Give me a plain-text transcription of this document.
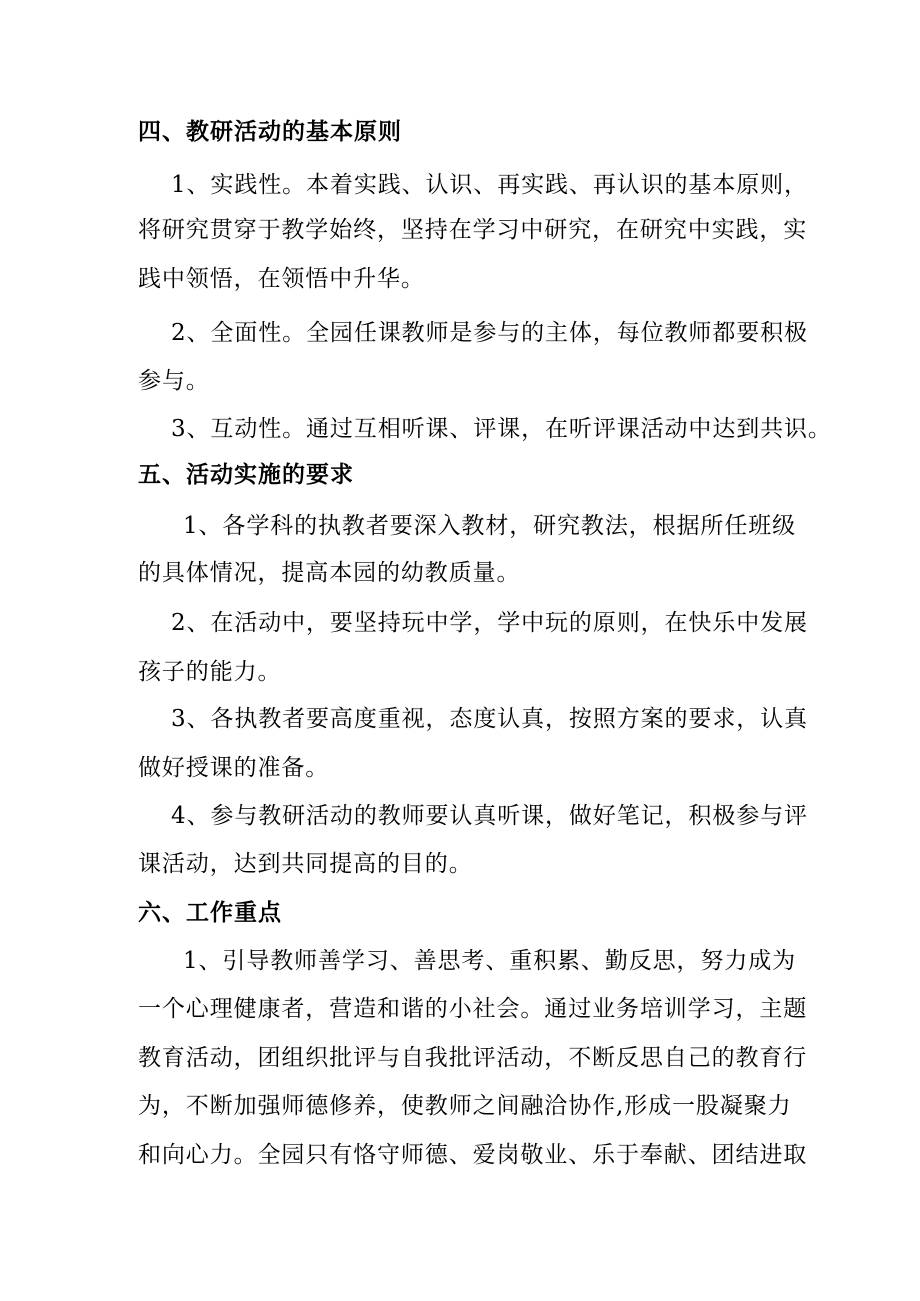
四、教研活动的基本原则
1、实践性。本着实践、认识、再实践、再认识的基本原则，
将研究贯穿于教学始终，坚持在学习中研究，在研究中实践，实
践中领悟，在领悟中升华。
2、全面性。全园任课教师是参与的主体，每位教师都要积极
参与。
3、互动性。通过互相听课、评课，在听评课活动中达到共识。
五、活动实施的要求
1、各学科的执教者要深入教材，研究教法，根据所任班级
的具体情况，提高本园的幼教质量。
2、在活动中，要坚持玩中学，学中玩的原则，在快乐中发展
孩子的能力。
3、各执教者要高度重视，态度认真，按照方案的要求，认真
做好授课的准备。
4、参与教研活动的教师要认真听课，做好笔记，积极参与评
课活动，达到共同提高的目的。
六、工作重点
1、引导教师善学习、善思考、重积累、勤反思，努力成为
一个心理健康者，营造和谐的小社会。通过业务培训学习，主题
教育活动，团组织批评与自我批评活动，不断反思自己的教育行
为，不断加强师德修养，使教师之间融洽协作,形成一股凝聚力
和向心力。全园只有恪守师德、爱岗敬业、乐于奉献、团结进取
